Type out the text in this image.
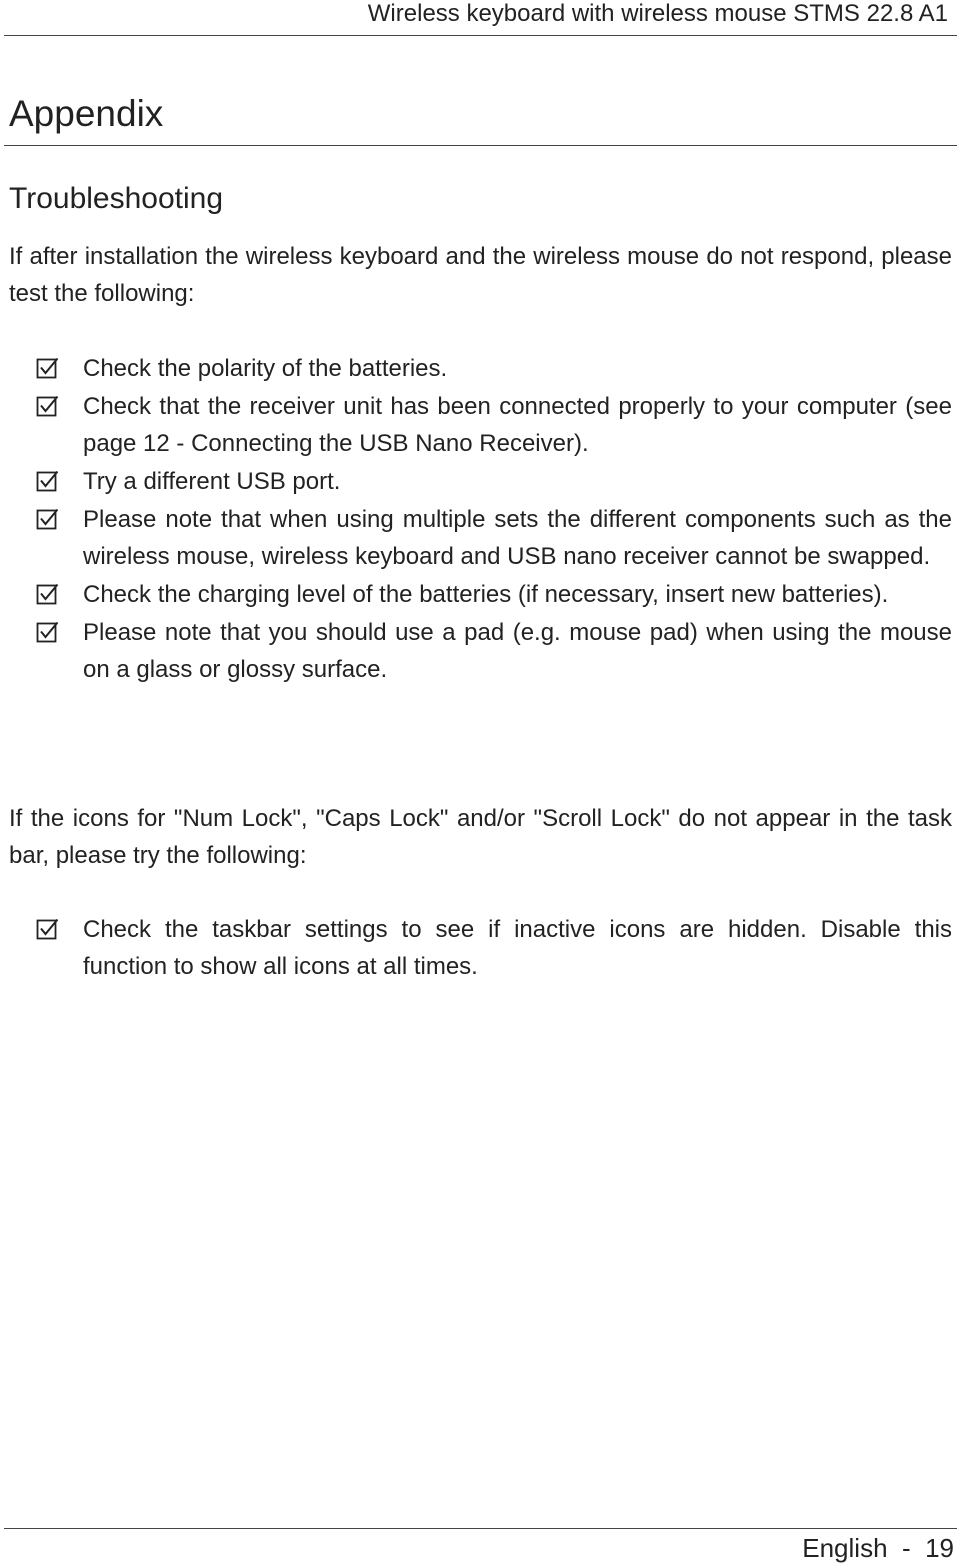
Wireless keyboard with wireless mouse STMS 22.8 A1
Appendix
Troubleshooting

If after installation the wireless keyboard and the wireless mouse do not respond, please test the following:

Check the polarity of the batteries.
Check that the receiver unit has been connected properly to your computer (see page 12 - Connecting the USB Nano Receiver).
Try a different USB port.
Please note that when using multiple sets the different components such as the wireless mouse, wireless keyboard and USB nano receiver cannot be swapped.
Check the charging level of the batteries (if necessary, insert new batteries).
Please note that you should use a pad (e.g. mouse pad) when using the mouse on a glass or glossy surface.

If the icons for "Num Lock", "Caps Lock" and/or "Scroll Lock" do not appear in the task bar, please try the following:

Check the taskbar settings to see if inactive icons are hidden. Disable this function to show all icons at all times.
English  -  19
